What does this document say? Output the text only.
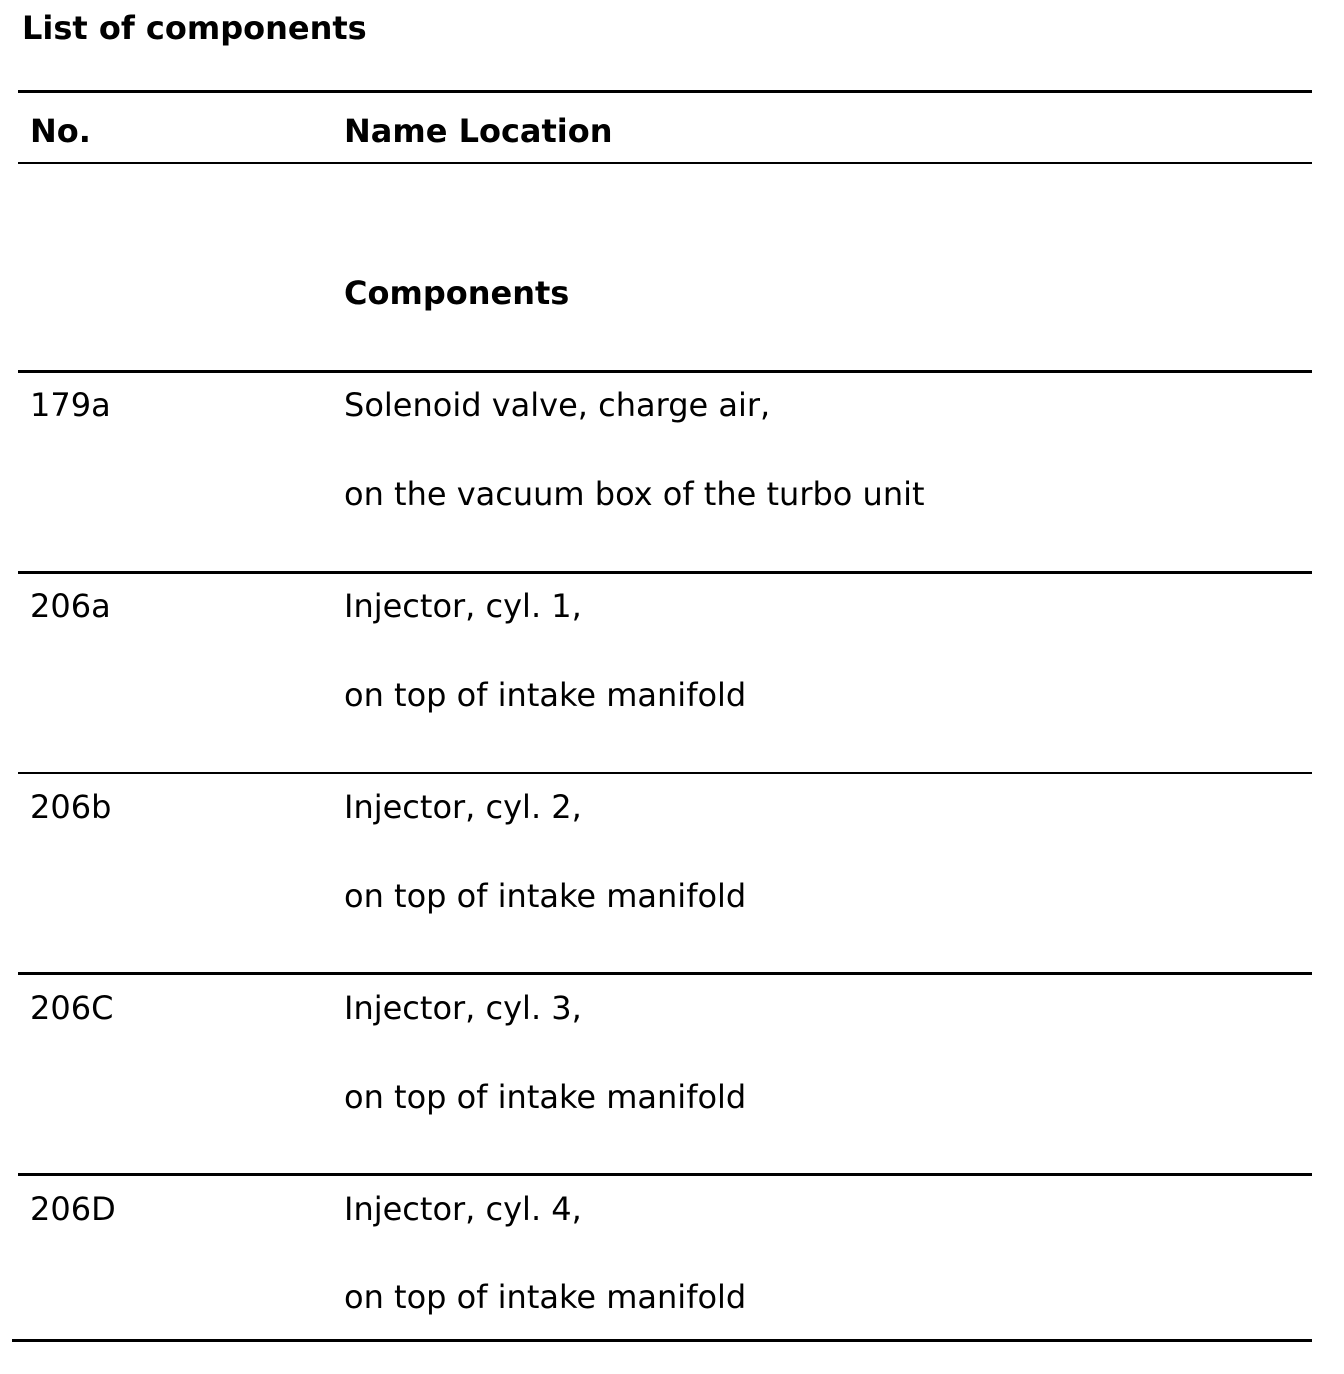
List of components
No.	Name Location
Components
179a	Solenoid valve, charge air,
on the vacuum box of the turbo unit
206a	Injector, cyl. 1,
on top of intake manifold
206b	Injector, cyl. 2,
on top of intake manifold
206C	Injector, cyl. 3,
on top of intake manifold
206D	Injector, cyl. 4,
on top of intake manifold
